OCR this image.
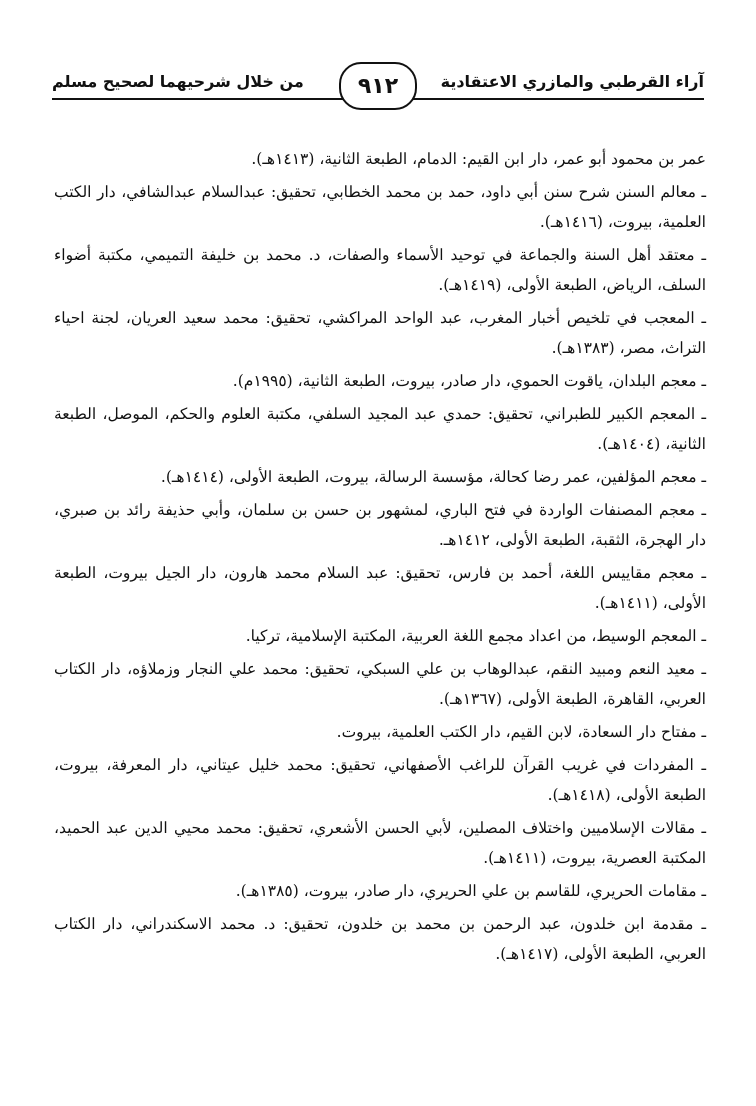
آراء القرطبي والمازري الاعتقادية
من خلال شرحيهما لصحيح مسلم	٩١٢

عمر بن محمود أبو عمر، دار ابن القيم: الدمام، الطبعة الثانية، (١٤١٣هـ).

ـ معالم السنن شرح سنن أبي داود، حمد بن محمد الخطابي، تحقيق: عبدالسلام عبدالشافي، دار الكتب العلمية، بيروت، (١٤١٦هـ).

ـ معتقد أهل السنة والجماعة في توحيد الأسماء والصفات، د. محمد بن خليفة التميمي، مكتبة أضواء السلف، الرياض، الطبعة الأولى، (١٤١٩هـ).

ـ المعجب في تلخيص أخبار المغرب، عبد الواحد المراكشي، تحقيق: محمد سعيد العريان، لجنة احياء التراث، مصر، (١٣٨٣هـ).

ـ معجم البلدان، ياقوت الحموي، دار صادر، بيروت، الطبعة الثانية، (١٩٩٥م).

ـ المعجم الكبير للطبراني، تحقيق: حمدي عبد المجيد السلفي، مكتبة العلوم والحكم، الموصل، الطبعة الثانية، (١٤٠٤هـ).

ـ معجم المؤلفين، عمر رضا كحالة، مؤسسة الرسالة، بيروت، الطبعة الأولى، (١٤١٤هـ).

ـ معجم المصنفات الواردة في فتح الباري، لمشهور بن حسن بن سلمان، وأبي حذيفة رائد بن صبري، دار الهجرة، الثقبة، الطبعة الأولى، ١٤١٢هـ.

ـ معجم مقاييس اللغة، أحمد بن فارس، تحقيق: عبد السلام محمد هارون، دار الجيل بيروت، الطبعة الأولى، (١٤١١هـ).

ـ المعجم الوسيط، من اعداد مجمع اللغة العربية، المكتبة الإسلامية، تركيا.

ـ معيد النعم ومبيد النقم، عبدالوهاب بن علي السبكي، تحقيق: محمد علي النجار وزملاؤه، دار الكتاب العربي، القاهرة، الطبعة الأولى، (١٣٦٧هـ).

ـ مفتاح دار السعادة، لابن القيم، دار الكتب العلمية، بيروت.

ـ المفردات في غريب القرآن للراغب الأصفهاني، تحقيق: محمد خليل عيتاني، دار المعرفة، بيروت، الطبعة الأولى، (١٤١٨هـ).

ـ مقالات الإسلاميين واختلاف المصلين، لأبي الحسن الأشعري، تحقيق: محمد محيي الدين عبد الحميد، المكتبة العصرية، بيروت، (١٤١١هـ).

ـ مقامات الحريري، للقاسم بن علي الحريري، دار صادر، بيروت، (١٣٨٥هـ).

ـ مقدمة ابن خلدون، عبد الرحمن بن محمد بن خلدون، تحقيق: د. محمد الاسكندراني، دار الكتاب العربي، الطبعة الأولى، (١٤١٧هـ).
